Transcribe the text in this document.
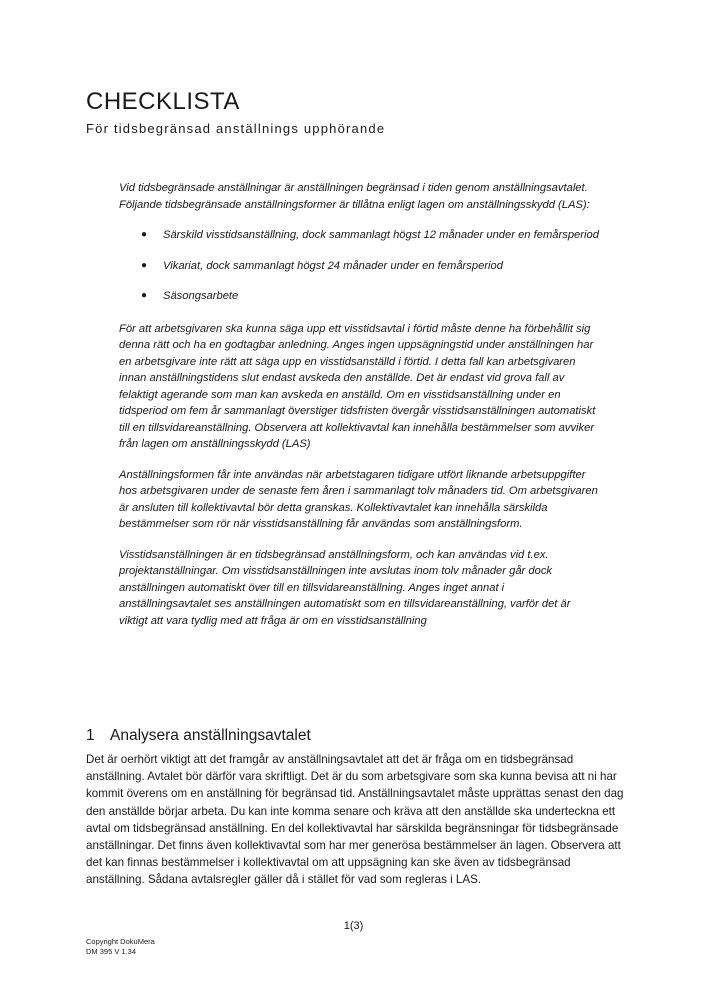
CHECKLISTA
För tidsbegränsad anställnings upphörande

Vid tidsbegränsade anställningar är anställningen begränsad i tiden genom anställningsavtalet. Följande tidsbegränsade anställningsformer är tillåtna enligt lagen om anställningsskydd (LAS):

● Särskild visstidsanställning, dock sammanlagt högst 12 månader under en femårsperiod
● Vikariat, dock sammanlagt högst 24 månader under en femårsperiod
● Säsongsarbete

För att arbetsgivaren ska kunna säga upp ett visstidsavtal i förtid måste denne ha förbehållit sig denna rätt och ha en godtagbar anledning. Anges ingen uppsägningstid under anställningen har en arbetsgivare inte rätt att säga upp en visstidsanställd i förtid. I detta fall kan arbetsgivaren innan anställningstidens slut endast avskeda den anställde. Det är endast vid grova fall av felaktigt agerande som man kan avskeda en anställd. Om en visstidsanställning under en tidsperiod om fem år sammanlagt överstiger tidsfristen övergår visstidsanställningen automatiskt till en tillsvidareanställning. Observera att kollektivavtal kan innehålla bestämmelser som avviker från lagen om anställningsskydd (LAS)

Anställningsformen får inte användas när arbetstagaren tidigare utfört liknande arbetsuppgifter hos arbetsgivaren under de senaste fem åren i sammanlagt tolv månaders tid. Om arbetsgivaren är ansluten till kollektivavtal bör detta granskas. Kollektivavtalet kan innehålla särskilda bestämmelser som rör när visstidsanställning får användas som anställningsform.

Visstidsanställningen är en tidsbegränsad anställningsform, och kan användas vid t.ex. projektanställningar. Om visstidsanställningen inte avslutas inom tolv månader går dock anställningen automatiskt över till en tillsvidareanställning. Anges inget annat i anställningsavtalet ses anställningen automatiskt som en tillsvidareanställning, varför det är viktigt att vara tydlig med att fråga är om en visstidsanställning

1 Analysera anställningsavtalet

Det är oerhört viktigt att det framgår av anställningsavtalet att det är fråga om en tidsbegränsad anställning. Avtalet bör därför vara skriftligt. Det är du som arbetsgivare som ska kunna bevisa att ni har kommit överens om en anställning för begränsad tid. Anställningsavtalet måste upprättas senast den dag den anställde börjar arbeta. Du kan inte komma senare och kräva att den anställde ska underteckna ett avtal om tidsbegränsad anställning. En del kollektivavtal har särskilda begränsningar för tidsbegränsade anställningar. Det finns även kollektivavtal som har mer generösa bestämmelser än lagen. Observera att det kan finnas bestämmelser i kollektivavtal om att uppsägning kan ske även av tidsbegränsad anställning. Sådana avtalsregler gäller då i stället för vad som regleras i LAS.

1(3)
Copyright DokuMera
DM 395 V 1.34
